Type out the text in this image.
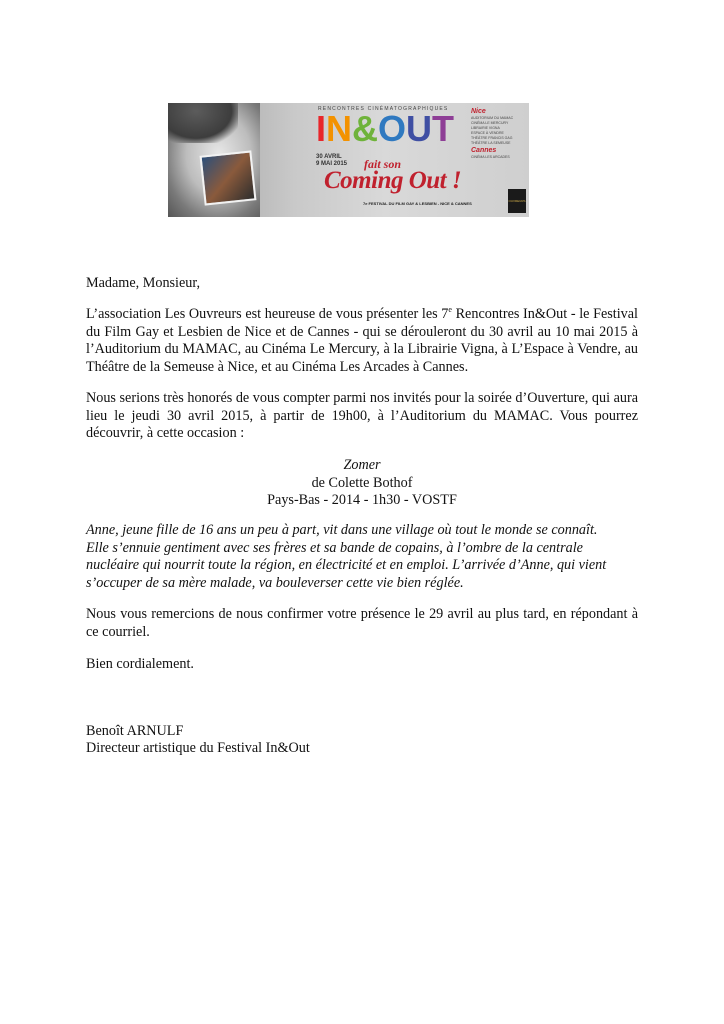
RENCONTRES CINÉMATOGRAPHIQUES
IN&OUT
30 AVRIL
9 MAI 2015 fait son
Coming Out !
7e FESTIVAL DU FILM GAY & LESBIEN - NICE & CANNES
Nice
AUDITORIUM DU MAMAC
CINÉMA LE MERCURY
LIBRAIRIE VIGNA
ESPACE À VENDRE
THÉÂTRE FRANCIS GAG
THÉÂTRE LA SEMEUSE
Cannes
CINÉMA LES ARCADES
OUVREURS

Madame, Monsieur,

L’association Les Ouvreurs est heureuse de vous présenter les 7e Rencontres In&Out - le Festival du Film Gay et Lesbien de Nice et de Cannes - qui se dérouleront du 30 avril au 10 mai 2015 à l’Auditorium du MAMAC, au Cinéma Le Mercury, à la Librairie Vigna, à L’Espace à Vendre, au Théâtre de la Semeuse à Nice, et au Cinéma Les Arcades à Cannes.

Nous serions très honorés de vous compter parmi nos invités pour la soirée d’Ouverture, qui aura lieu le jeudi 30 avril 2015, à partir de 19h00, à l’Auditorium du MAMAC. Vous pourrez découvrir, à cette occasion :

Zomer
de Colette Bothof
Pays-Bas - 2014 - 1h30 - VOSTF

Anne, jeune fille de 16 ans un peu à part, vit dans une village où tout le monde se connaît.
Elle s’ennuie gentiment avec ses frères et sa bande de copains, à l’ombre de la centrale
nucléaire qui nourrit toute la région, en électricité et en emploi. L’arrivée d’Anne, qui vient
s’occuper de sa mère malade, va bouleverser cette vie bien réglée.

Nous vous remercions de nous confirmer votre présence le 29 avril au plus tard, en répondant à ce courriel.

Bien cordialement.

Benoît ARNULF

Directeur artistique du Festival In&Out
